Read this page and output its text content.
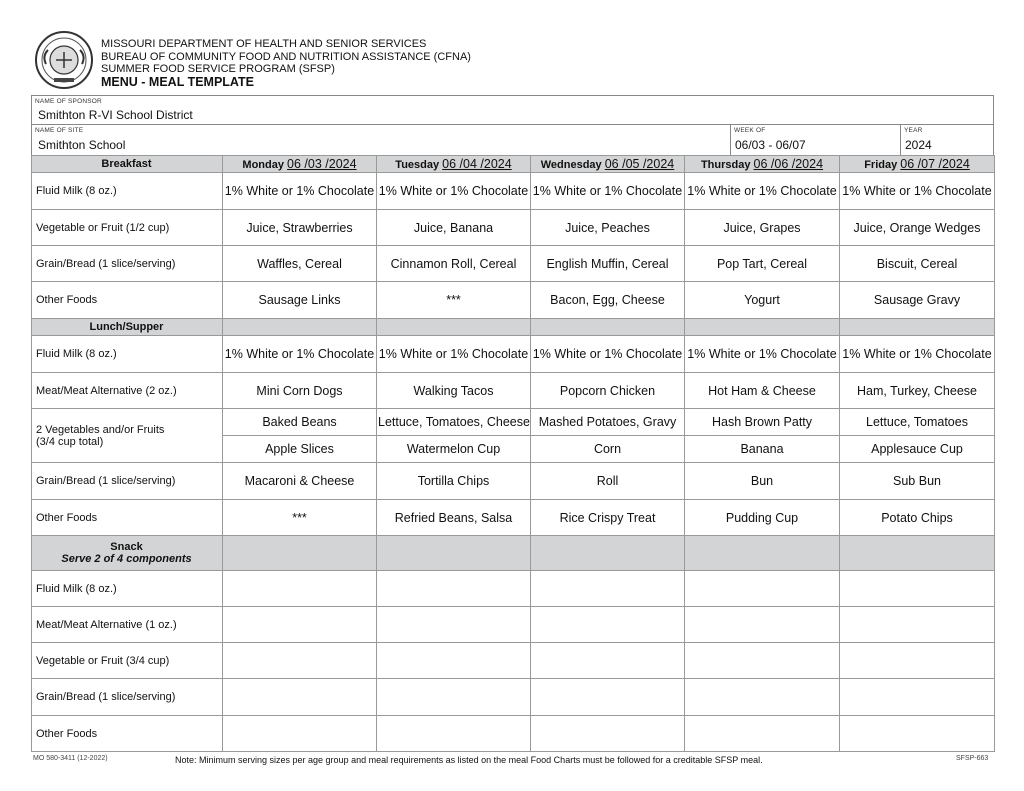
MISSOURI DEPARTMENT OF HEALTH AND SENIOR SERVICES
BUREAU OF COMMUNITY FOOD AND NUTRITION ASSISTANCE (CFNA)
SUMMER FOOD SERVICE PROGRAM (SFSP)
MENU - MEAL TEMPLATE
NAME OF SPONSOR
Smithton R-VI School District
NAME OF SITE
Smithton School
WEEK OF
06/03 - 06/07
YEAR
2024
Breakfast	Monday 06 /03 /2024	Tuesday 06 /04 /2024	Wednesday 06 /05 /2024	Thursday 06 /06 /2024	Friday 06 /07 /2024
Fluid Milk (8 oz.)	1% White or 1% Chocolate	1% White or 1% Chocolate	1% White or 1% Chocolate	1% White or 1% Chocolate	1% White or 1% Chocolate
Vegetable or Fruit (1/2 cup)	Juice, Strawberries	Juice, Banana	Juice, Peaches	Juice, Grapes	Juice, Orange Wedges
Grain/Bread (1 slice/serving)	Waffles, Cereal	Cinnamon Roll, Cereal	English Muffin, Cereal	Pop Tart, Cereal	Biscuit, Cereal
Other Foods	Sausage Links	***	Bacon, Egg, Cheese	Yogurt	Sausage Gravy
Lunch/Supper					
Fluid Milk (8 oz.)	1% White or 1% Chocolate	1% White or 1% Chocolate	1% White or 1% Chocolate	1% White or 1% Chocolate	1% White or 1% Chocolate
Meat/Meat Alternative (2 oz.)	Mini Corn Dogs	Walking Tacos	Popcorn Chicken	Hot Ham & Cheese	Ham, Turkey, Cheese

2 Vegetables and/or Fruits
(3/4 cup total)	Baked Beans	Lettuce, Tomatoes, Cheese	Mashed Potatoes, Gravy	Hash Brown Patty	Lettuce, Tomatoes
	Apple Slices	Watermelon Cup	Corn	Banana	Applesauce Cup
Grain/Bread (1 slice/serving)	Macaroni & Cheese	Tortilla Chips	Roll	Bun	Sub Bun
Other Foods	***	Refried Beans, Salsa	Rice Crispy Treat	Pudding Cup	Potato Chips

Snack
Serve 2 of 4 components					

Fluid Milk (8 oz.)					
Meat/Meat Alternative (1 oz.)					
Vegetable or Fruit (3/4 cup)					
Grain/Bread (1 slice/serving)					
Other Foods					
MO 580-3411 (12-2022)	Note: Minimum serving sizes per age group and meal requirements as listed on the meal Food Charts must be followed for a creditable SFSP meal.	SFSP-663
